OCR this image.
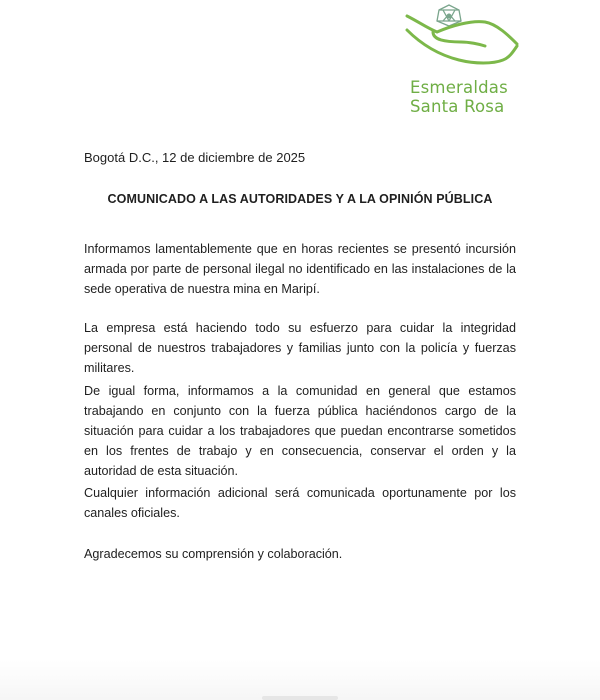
Esmeraldas
Santa Rosa
Bogotá D.C., 12 de diciembre de 2025
COMUNICADO A LAS AUTORIDADES Y A LA OPINIÓN PÚBLICA
Informamos lamentablemente que en horas recientes se presentó incursión armada por parte de personal ilegal no identificado en las instalaciones de la sede operativa de nuestra mina en Maripí.
La empresa está haciendo todo su esfuerzo para cuidar la integridad personal de nuestros trabajadores y familias junto con la policía y fuerzas militares.
De igual forma, informamos a la comunidad en general que estamos trabajando en conjunto con la fuerza pública haciéndonos cargo de la situación para cuidar a los trabajadores que puedan encontrarse sometidos en los frentes de trabajo y en consecuencia, conservar el orden y la autoridad de esta situación.
Cualquier información adicional será comunicada oportunamente por los canales oficiales.
Agradecemos su comprensión y colaboración.
